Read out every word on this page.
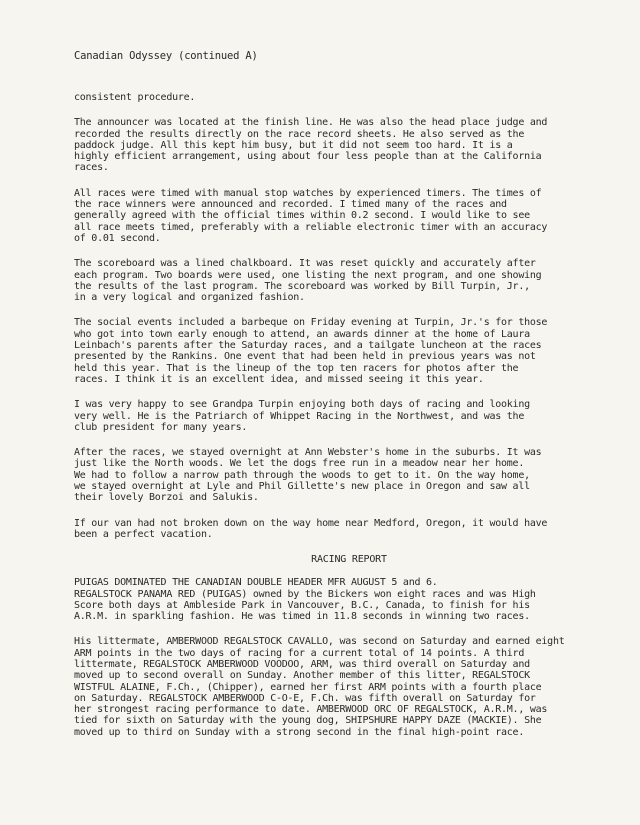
Canadian Odyssey (continued A)
consistent procedure.
The announcer was located at the finish line. He was also the head place judge and
recorded the results directly on the race record sheets. He also served as the
paddock judge. All this kept him busy, but it did not seem too hard. It is a
highly efficient arrangement, using about four less people than at the California
races.
All races were timed with manual stop watches by experienced timers. The times of
the race winners were announced and recorded. I timed many of the races and
generally agreed with the official times within 0.2 second. I would like to see
all race meets timed, preferably with a reliable electronic timer with an accuracy
of 0.01 second.
The scoreboard was a lined chalkboard. It was reset quickly and accurately after
each program. Two boards were used, one listing the next program, and one showing
the results of the last program. The scoreboard was worked by Bill Turpin, Jr.,
in a very logical and organized fashion.
The social events included a barbeque on Friday evening at Turpin, Jr.'s for those
who got into town early enough to attend, an awards dinner at the home of Laura
Leinbach's parents after the Saturday races, and a tailgate luncheon at the races
presented by the Rankins. One event that had been held in previous years was not
held this year. That is the lineup of the top ten racers for photos after the
races. I think it is an excellent idea, and missed seeing it this year.
I was very happy to see Grandpa Turpin enjoying both days of racing and looking
very well. He is the Patriarch of Whippet Racing in the Northwest, and was the
club president for many years.
After the races, we stayed overnight at Ann Webster's home in the suburbs. It was
just like the North woods. We let the dogs free run in a meadow near her home.
We had to follow a narrow path through the woods to get to it. On the way home,
we stayed overnight at Lyle and Phil Gillette's new place in Oregon and saw all
their lovely Borzoi and Salukis.
If our van had not broken down on the way home near Medford, Oregon, it would have
been a perfect vacation.
RACING REPORT
PUIGAS DOMINATED THE CANADIAN DOUBLE HEADER MFR AUGUST 5 and 6.
REGALSTOCK PANAMA RED (PUIGAS) owned by the Bickers won eight races and was High
Score both days at Ambleside Park in Vancouver, B.C., Canada, to finish for his
A.R.M. in sparkling fashion. He was timed in 11.8 seconds in winning two races.
His littermate, AMBERWOOD REGALSTOCK CAVALLO, was second on Saturday and earned eight
ARM points in the two days of racing for a current total of 14 points. A third
littermate, REGALSTOCK AMBERWOOD VOODOO, ARM, was third overall on Saturday and
moved up to second overall on Sunday. Another member of this litter, REGALSTOCK
WISTFUL ALAINE, F.Ch., (Chipper), earned her first ARM points with a fourth place
on Saturday. REGALSTOCK AMBERWOOD C-O-E, F.Ch. was fifth overall on Saturday for
her strongest racing performance to date. AMBERWOOD ORC OF REGALSTOCK, A.R.M., was
tied for sixth on Saturday with the young dog, SHIPSHURE HAPPY DAZE (MACKIE). She
moved up to third on Sunday with a strong second in the final high-point race.
